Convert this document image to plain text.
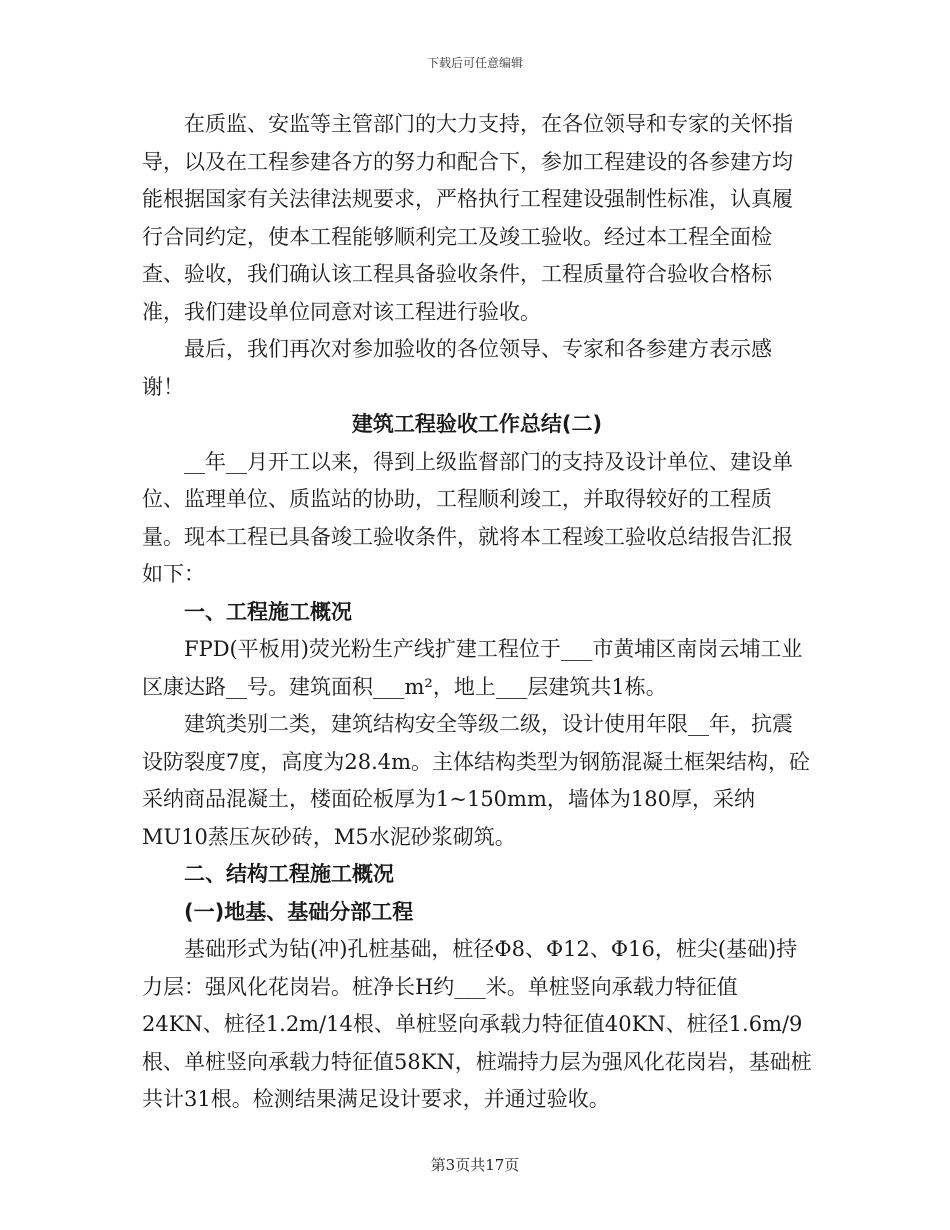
下载后可任意编辑

在质监、安监等主管部门的大力支持，在各位领导和专家的关怀指导，以及在工程参建各方的努力和配合下，参加工程建设的各参建方均能根据国家有关法律法规要求，严格执行工程建设强制性标准，认真履行合同约定，使本工程能够顺利完工及竣工验收。经过本工程全面检查、验收，我们确认该工程具备验收条件，工程质量符合验收合格标准，我们建设单位同意对该工程进行验收。

最后，我们再次对参加验收的各位领导、专家和各参建方表示感谢！

建筑工程验收工作总结(二)

__年__月开工以来，得到上级监督部门的支持及设计单位、建设单位、监理单位、质监站的协助，工程顺利竣工，并取得较好的工程质量。现本工程已具备竣工验收条件，就将本工程竣工验收总结报告汇报如下：

一、工程施工概况

FPD(平板用)荧光粉生产线扩建工程位于___市黄埔区南岗云埔工业区康达路__号。建筑面积___m²，地上___层建筑共1栋。

建筑类别二类，建筑结构安全等级二级，设计使用年限__年，抗震设防裂度7度，高度为28.4m。主体结构类型为钢筋混凝土框架结构，砼采纳商品混凝土，楼面砼板厚为1~150mm，墙体为180厚，采纳MU10蒸压灰砂砖，M5水泥砂浆砌筑。

二、结构工程施工概况

(一)地基、基础分部工程

基础形式为钻(冲)孔桩基础，桩径Φ8、Φ12、Φ16，桩尖(基础)持力层：强风化花岗岩。桩净长H约___米。单桩竖向承载力特征值24KN、桩径1.2m/14根、单桩竖向承载力特征值40KN、桩径1.6m/9根、单桩竖向承载力特征值58KN，桩端持力层为强风化花岗岩，基础桩共计31根。检测结果满足设计要求，并通过验收。

第3页共17页
